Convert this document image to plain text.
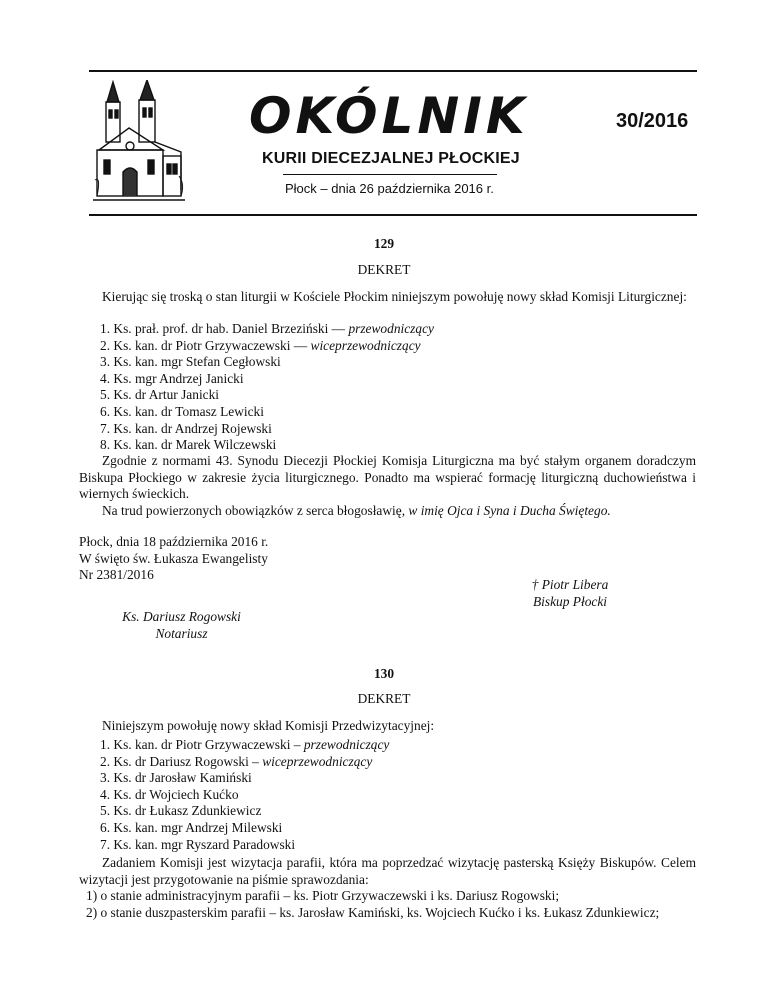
OKÓLNIK	30/2016
KURII DIECEZJALNEJ PŁOCKIEJ
Płock – dnia 26 października 2016 r.
129
DEKRET
Kierując się troską o stan liturgii w Kościele Płockim niniejszym powołuję nowy skład Komisji Liturgicznej:
1. Ks. prał. prof. dr hab. Daniel Brzeziński — przewodniczący
2. Ks. kan. dr Piotr Grzywaczewski — wiceprzewodniczący
3. Ks. kan. mgr Stefan Cegłowski
4. Ks. mgr Andrzej Janicki
5. Ks. dr Artur Janicki
6. Ks. kan. dr Tomasz Lewicki
7. Ks. kan. dr Andrzej Rojewski
8. Ks. kan. dr Marek Wilczewski
Zgodnie z normami 43. Synodu Diecezji Płockiej Komisja Liturgiczna ma być stałym organem doradczym Biskupa Płockiego w zakresie życia liturgicznego. Ponadto ma wspierać formację liturgiczną duchowieństwa i wiernych świeckich.
Na trud powierzonych obowiązków z serca błogosławię, w imię Ojca i Syna i Ducha Świętego.
Płock, dnia 18 października 2016 r.
W święto św. Łukasza Ewangelisty
Nr 2381/2016
† Piotr Libera
Biskup Płocki
Ks. Dariusz Rogowski
Notariusz
130
DEKRET
Niniejszym powołuję nowy skład Komisji Przedwizytacyjnej:
1. Ks. kan. dr Piotr Grzywaczewski – przewodniczący
2. Ks. dr Dariusz Rogowski – wiceprzewodniczący
3. Ks. dr Jarosław Kamiński
4. Ks. dr Wojciech Kućko
5. Ks. dr Łukasz Zdunkiewicz
6. Ks. kan. mgr Andrzej Milewski
7. Ks. kan. mgr Ryszard Paradowski
Zadaniem Komisji jest wizytacja parafii, która ma poprzedzać wizytację pasterską Księży Biskupów. Celem wizytacji jest przygotowanie na piśmie sprawozdania:
1) o stanie administracyjnym parafii – ks. Piotr Grzywaczewski i ks. Dariusz Rogowski;
2) o stanie duszpasterskim parafii – ks. Jarosław Kamiński, ks. Wojciech Kućko i ks. Łukasz Zdunkiewicz;
